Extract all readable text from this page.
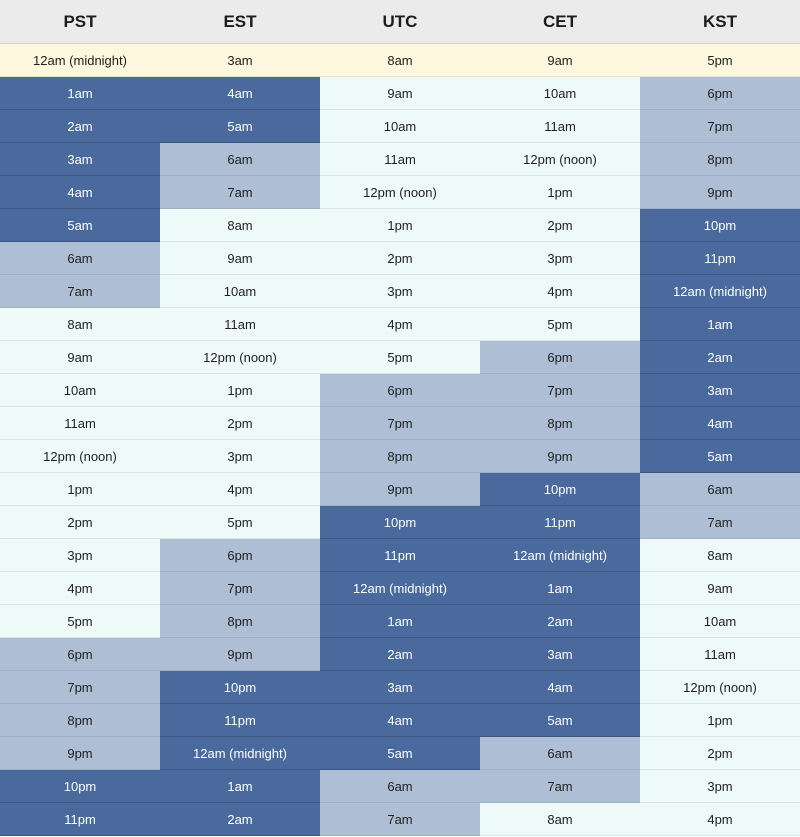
PST	EST	UTC	CET	KST
12am (midnight)	3am	8am	9am	5pm
1am	4am	9am	10am	6pm
2am	5am	10am	11am	7pm
3am	6am	11am	12pm (noon)	8pm
4am	7am	12pm (noon)	1pm	9pm
5am	8am	1pm	2pm	10pm
6am	9am	2pm	3pm	11pm
7am	10am	3pm	4pm	12am (midnight)
8am	11am	4pm	5pm	1am
9am	12pm (noon)	5pm	6pm	2am
10am	1pm	6pm	7pm	3am
11am	2pm	7pm	8pm	4am
12pm (noon)	3pm	8pm	9pm	5am
1pm	4pm	9pm	10pm	6am
2pm	5pm	10pm	11pm	7am
3pm	6pm	11pm	12am (midnight)	8am
4pm	7pm	12am (midnight)	1am	9am
5pm	8pm	1am	2am	10am
6pm	9pm	2am	3am	11am
7pm	10pm	3am	4am	12pm (noon)
8pm	11pm	4am	5am	1pm
9pm	12am (midnight)	5am	6am	2pm
10pm	1am	6am	7am	3pm
11pm	2am	7am	8am	4pm
